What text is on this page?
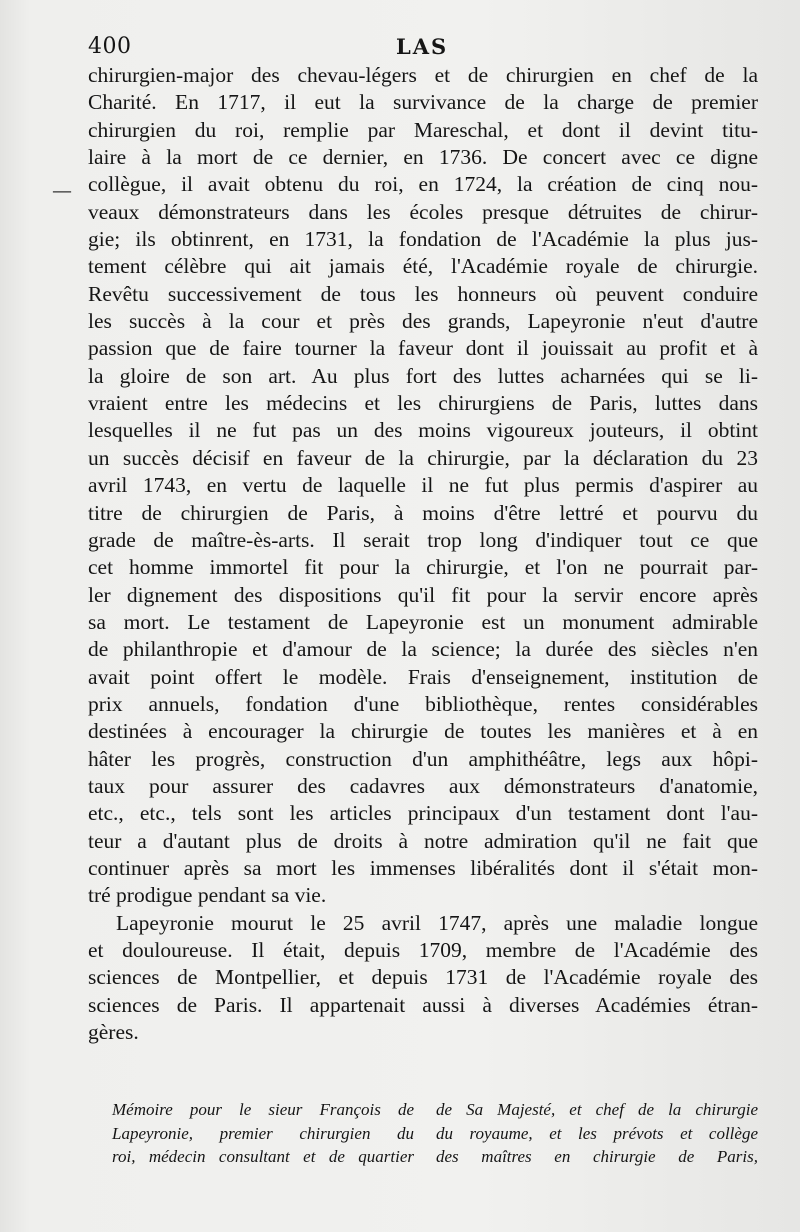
400	LAS
—
chirurgien-major des chevau-légers et de chirurgien en chef de la
Charité. En 1717, il eut la survivance de la charge de premier
chirurgien du roi, remplie par Mareschal, et dont il devint titu-
laire à la mort de ce dernier, en 1736. De concert avec ce digne
collègue, il avait obtenu du roi, en 1724, la création de cinq nou-
veaux démonstrateurs dans les écoles presque détruites de chirur-
gie; ils obtinrent, en 1731, la fondation de l'Académie la plus jus-
tement célèbre qui ait jamais été, l'Académie royale de chirurgie.
Revêtu successivement de tous les honneurs où peuvent conduire
les succès à la cour et près des grands, Lapeyronie n'eut d'autre
passion que de faire tourner la faveur dont il jouissait au profit et à
la gloire de son art. Au plus fort des luttes acharnées qui se li-
vraient entre les médecins et les chirurgiens de Paris, luttes dans
lesquelles il ne fut pas un des moins vigoureux jouteurs, il obtint
un succès décisif en faveur de la chirurgie, par la déclaration du 23
avril 1743, en vertu de laquelle il ne fut plus permis d'aspirer au
titre de chirurgien de Paris, à moins d'être lettré et pourvu du
grade de maître-ès-arts. Il serait trop long d'indiquer tout ce que
cet homme immortel fit pour la chirurgie, et l'on ne pourrait par-
ler dignement des dispositions qu'il fit pour la servir encore après
sa mort. Le testament de Lapeyronie est un monument admirable
de philanthropie et d'amour de la science; la durée des siècles n'en
avait point offert le modèle. Frais d'enseignement, institution de
prix annuels, fondation d'une bibliothèque, rentes considérables
destinées à encourager la chirurgie de toutes les manières et à en
hâter les progrès, construction d'un amphithéâtre, legs aux hôpi-
taux pour assurer des cadavres aux démonstrateurs d'anatomie,
etc., etc., tels sont les articles principaux d'un testament dont l'au-
teur a d'autant plus de droits à notre admiration qu'il ne fait que
continuer après sa mort les immenses libéralités dont il s'était mon-
tré prodigue pendant sa vie.
Lapeyronie mourut le 25 avril 1747, après une maladie longue
et douloureuse. Il était, depuis 1709, membre de l'Académie des
sciences de Montpellier, et depuis 1731 de l'Académie royale des
sciences de Paris. Il appartenait aussi à diverses Académies étran-
gères.
Mémoire pour le sieur François de
Lapeyronie, premier chirurgien du
roi, médecin consultant et de quartier
de Sa Majesté, et chef de la chirurgie
du royaume, et les prévots et collège
des maîtres en chirurgie de Paris,
